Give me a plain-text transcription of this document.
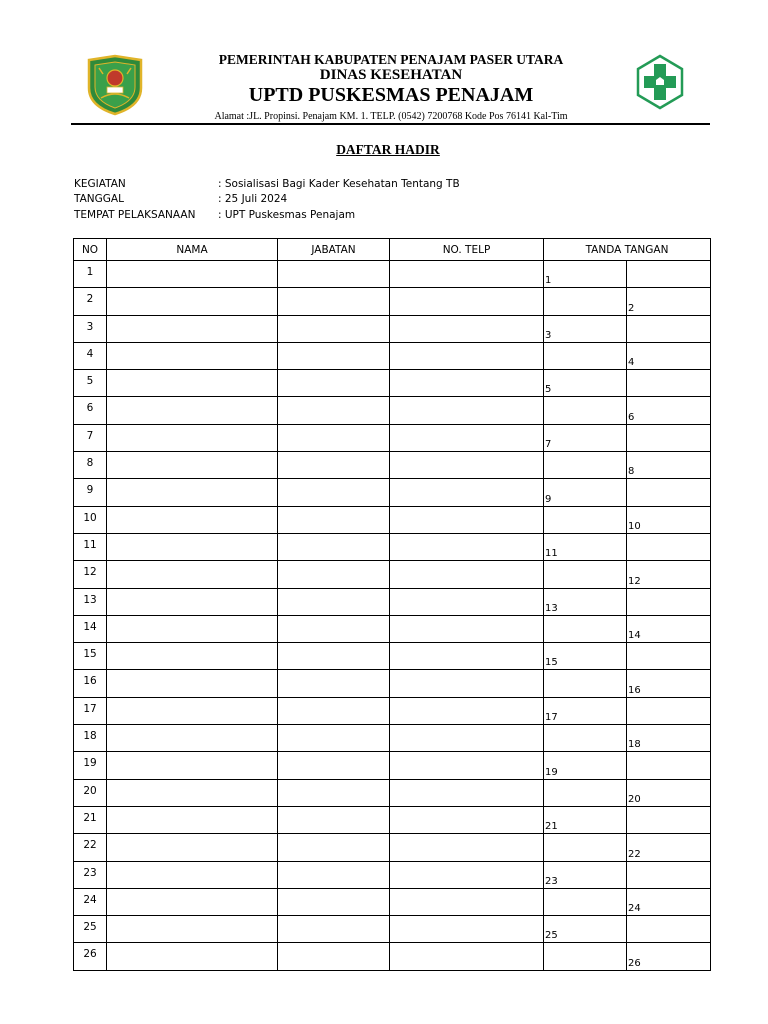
PEMERINTAH KABUPATEN PENAJAM PASER UTARA
DINAS KESEHATAN
UPTD PUSKESMAS PENAJAM
Alamat :JL. Propinsi. Penajam KM. 1. TELP. (0542) 7200768 Kode Pos 76141 Kal-Tim
DAFTAR HADIR
KEGIATAN	: Sosialisasi Bagi Kader Kesehatan Tentang TB
TANGGAL	: 25 Juli 2024
TEMPAT PELAKSANAAN : UPT Puskesmas Penajam
NO	NAMA	JABATAN	NO. TELP	TANDA TANGAN	
1				1	
2					2
3				3	
4					4
5				5	
6					6
7				7	
8					8
9				9	
10					10
11				11	
12					12
13				13	
14					14
15				15	
16					16
17				17	
18					18
19				19	
20					20
21				21	
22					22
23				23	
24					24
25				25	
26					26
